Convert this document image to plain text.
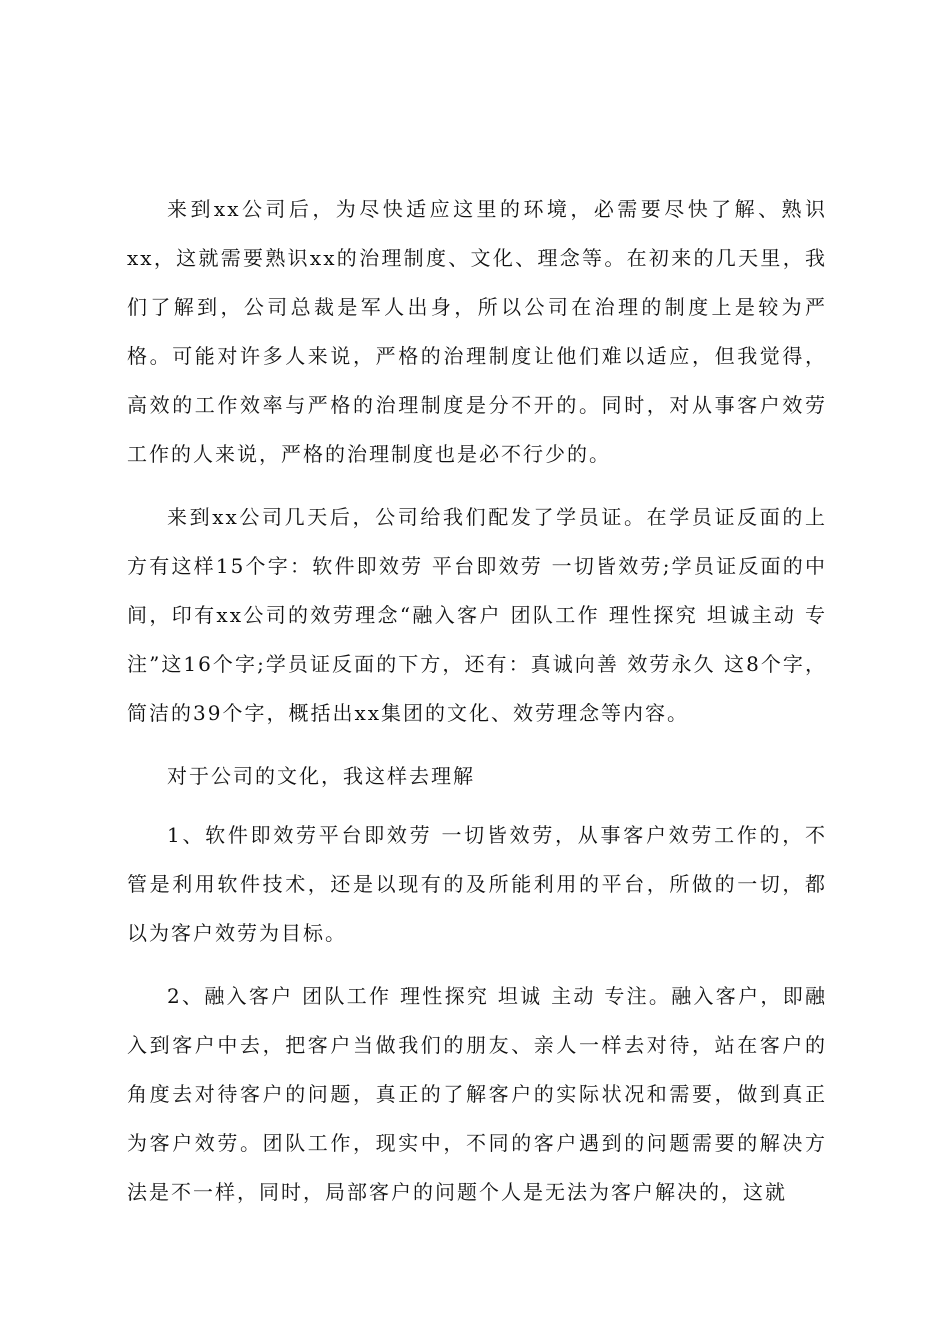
来到xx公司后，为尽快适应这里的环境，必需要尽快了解、熟识xx，这就需要熟识xx的治理制度、文化、理念等。在初来的几天里，我们了解到，公司总裁是军人出身，所以公司在治理的制度上是较为严格。可能对许多人来说，严格的治理制度让他们难以适应，但我觉得，高效的工作效率与严格的治理制度是分不开的。同时，对从事客户效劳工作的人来说，严格的治理制度也是必不行少的。

来到xx公司几天后，公司给我们配发了学员证。在学员证反面的上方有这样15个字：软件即效劳 平台即效劳 一切皆效劳;学员证反面的中间，印有xx公司的效劳理念“融入客户 团队工作 理性探究 坦诚主动 专注”这16个字;学员证反面的下方，还有：真诚向善 效劳永久 这8个字，简洁的39个字，概括出xx集团的文化、效劳理念等内容。

对于公司的文化，我这样去理解

1、软件即效劳平台即效劳 一切皆效劳，从事客户效劳工作的，不管是利用软件技术，还是以现有的及所能利用的平台，所做的一切，都以为客户效劳为目标。

2、融入客户 团队工作 理性探究 坦诚 主动 专注。融入客户，即融入到客户中去，把客户当做我们的朋友、亲人一样去对待，站在客户的角度去对待客户的问题，真正的了解客户的实际状况和需要，做到真正为客户效劳。团队工作，现实中，不同的客户遇到的问题需要的解决方法是不一样，同时，局部客户的问题个人是无法为客户解决的，这就
